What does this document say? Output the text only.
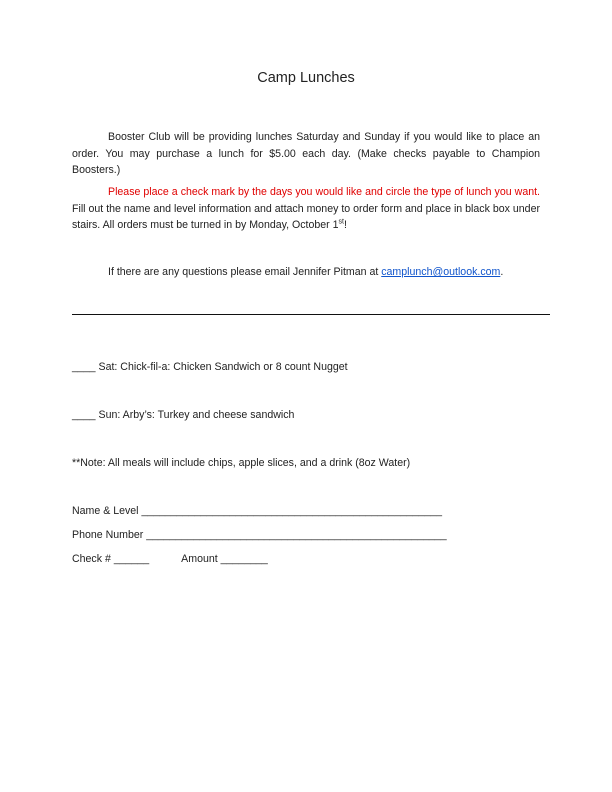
Camp Lunches

Booster Club will be providing lunches Saturday and Sunday if you would like to place an order. You may purchase a lunch for $5.00 each day. (Make checks payable to Champion Boosters.)

Please place a check mark by the days you would like and circle the type of lunch you want. Fill out the name and level information and attach money to order form and place in black box under stairs. All orders must be turned in by Monday, October 1st!

If there are any questions please email Jennifer Pitman at camplunch@outlook.com.

____ Sat: Chick-fil-a: Chicken Sandwich or 8 count Nugget
____ Sun: Arby’s: Turkey and cheese sandwich
**Note: All meals will include chips, apple slices, and a drink (8oz Water)
Name & Level ___________________________________________________
Phone Number ___________________________________________________
Check # ______	Amount ________
